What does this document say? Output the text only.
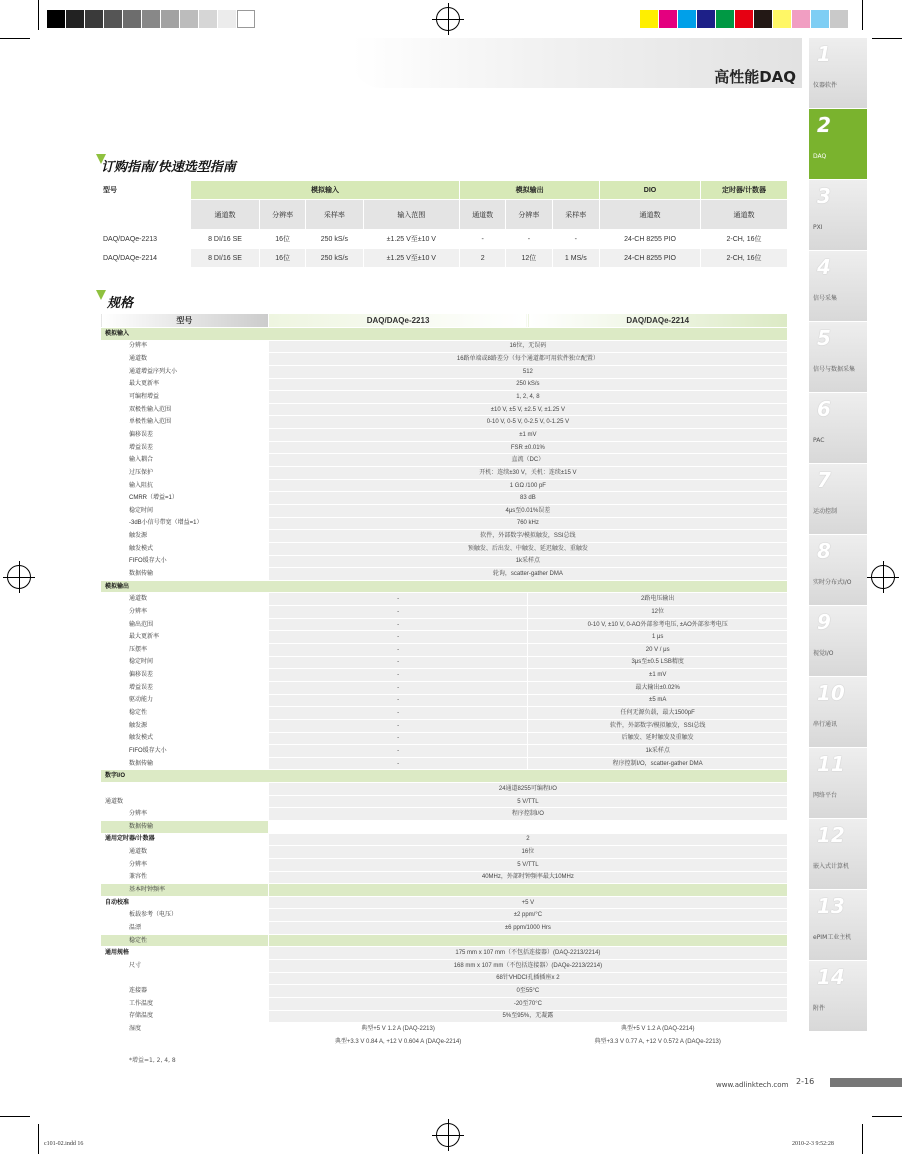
高性能DAQ
1
仪器软件
2
DAQ
3
PXI
4
信号采集
5
信号与数据采集
6
PAC
7
运动控制
8
实时分布式I/O
9
视觉I/O
10
串行通讯
11
网络平台
12
嵌入式计算机
13
ePIM工业主机
14
附件
订购指南/快速选型指南
型号	模拟输入				模拟输出			DIO	定时器/计数器
	通道数	分辨率	采样率	输入范围	通道数	分辨率	采样率	通道数	通道数
DAQ/DAQe-2213	8 DI/16 SE	16位	250 kS/s	±1.25 V至±10 V	-	-	-	24-CH 8255 PIO	2-CH, 16位
DAQ/DAQe-2214	8 DI/16 SE	16位	250 kS/s	±1.25 V至±10 V	2	12位	1 MS/s	24-CH 8255 PIO	2-CH, 16位
规格
型号	DAQ/DAQe-2213	DAQ/DAQe-2214
模拟输入		
分辨率	16位，无误码	
通道数	16路单端或8路差分（每个通道都可用软件独立配置）	
通道增益序列大小	512	
最大更新率	250 kS/s	
可编程增益	1, 2, 4, 8	
双极性输入范围	±10 V, ±5 V, ±2.5 V, ±1.25 V	
单极性输入范围	0-10 V, 0-5 V, 0-2.5 V, 0-1.25 V	
偏移误差	±1 mV	
增益误差	FSR ±0.01%	
输入耦合	直流（DC）	
过压保护	开机：连续±30 V，关机：连续±15 V	
输入阻抗	1 GΩ /100 pF	
CMRR（增益=1）	83 dB	
稳定时间	4μs至0.01%误差	
-3dB小信号带宽（增益=1）	760 kHz	
触发源	软件，外部数字/模拟触发，SSI总线	
触发模式	预触发、后出发、中触发、延迟触发、重触发	
FIFO缓存大小	1k采样点	
数据传输	轮询，scatter-gather DMA	
模拟输出		
通道数	-	2路电压输出
分辨率	-	12位
输出范围	-	0-10 V, ±10 V, 0-AO外部参考电压, ±AO外部参考电压
最大更新率	-	1 μs
压摆率	-	20 V / μs
稳定时间	-	3μs至±0.5 LSB精度
偏移误差	-	±1 mV
增益误差	-	最大输出±0.02%
驱动能力	-	±5 mA
稳定性	-	任何无源负载，最大1500pF
触发源	-	软件，外部数字/模拟触发，SSI总线
触发模式	-	后触发、延时触发及重触发
FIFO缓存大小	-	1k采样点
数据传输	-	程序控制I/O，scatter-gather DMA
数字I/O		
	24通道8255可编程I/O	
通道数	5 V/TTL	
分辨率	程序控制I/O	
数据传输		
通用定时器/计数器	2	
通道数	16位	
分辨率	5 V/TTL	
兼容性	40MHz，外部时钟频率最大10MHz	
基本时钟频率		
自动校准	+5 V	
板载参考（电压）	±2 ppm/°C	
温漂	±6 ppm/1000 Hrs	
稳定性		
通用规格	175 mm x 107 mm（不包括连接器）(DAQ-2213/2214)	
尺寸	168 mm x 107 mm（不包括连接器）(DAQe-2213/2214)	
	68针VHDCI孔插插座x 2	
连接器	0至55°C	
工作温度	-20至70°C	
存储温度	5%至95%，无凝露	
湿度	典型+5 V 1.2 A (DAQ-2213)	典型+5 V 1.2 A (DAQ-2214)
	典型+3.3 V 0.84 A, +12 V 0.604 A (DAQe-2214)	典型+3.3 V 0.77 A, +12 V 0.572 A (DAQe-2213)
*增益=1, 2, 4, 8
www.adlinktech.com 2-16
c101-02.indd 16	2010-2-3 9:52:28
